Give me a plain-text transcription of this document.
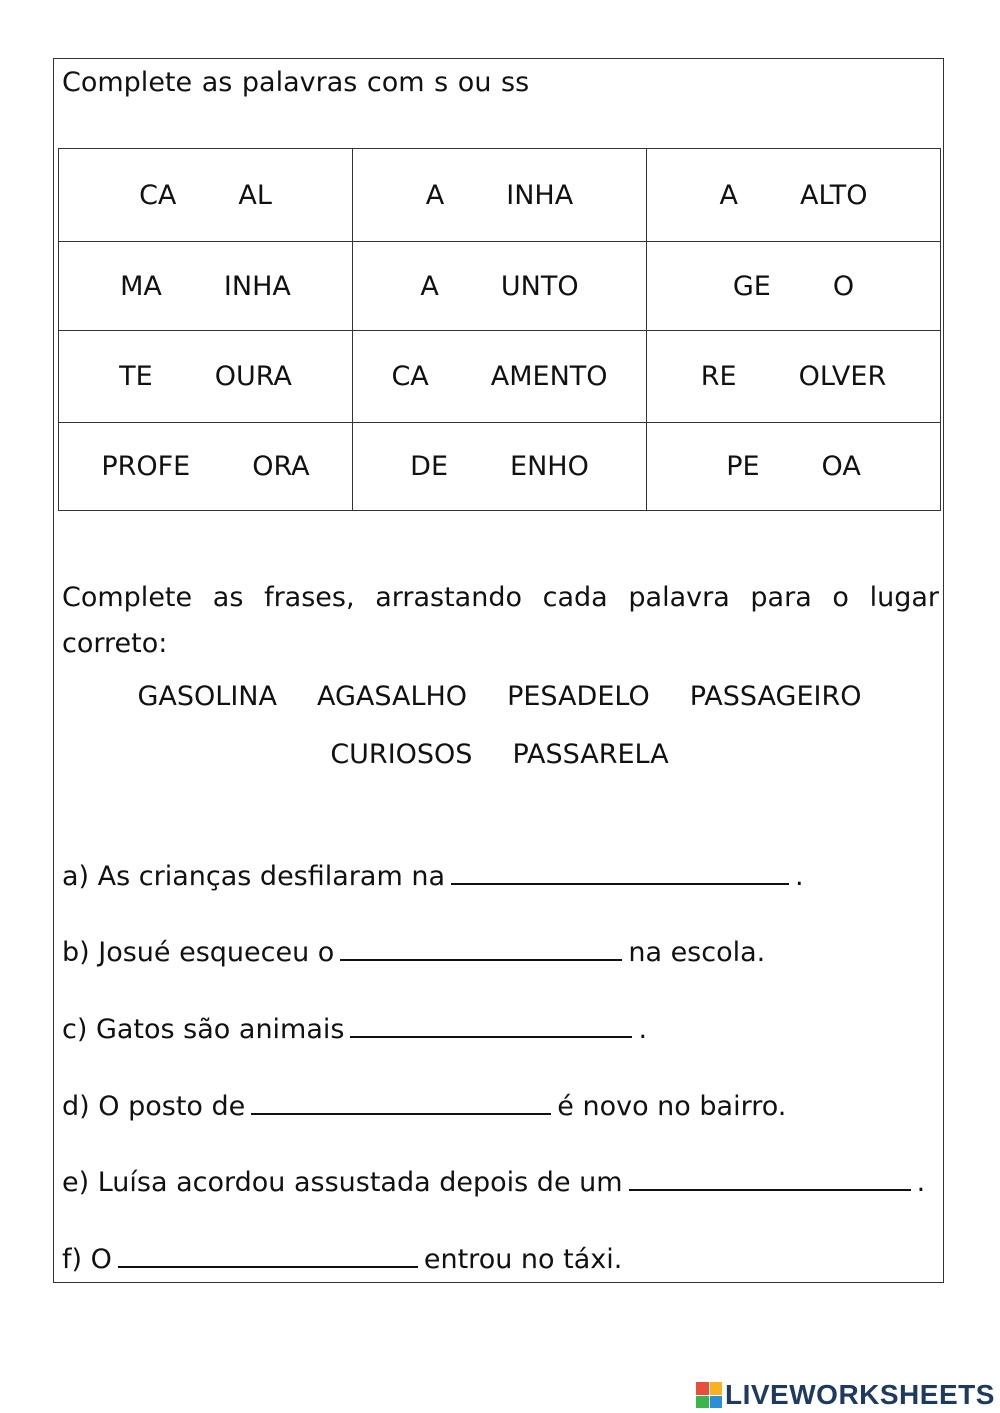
Complete as palavras com s ou ss
CA AL	A INHA	A ALTO
MA INHA	A UNTO	GE O
TE OURA	CA AMENTO	RE OLVER
PROFE ORA	DE ENHO	PE OA
Complete as frases, arrastando cada palavra para o lugar correto:
GASOLINA AGASALHO PESADELO PASSAGEIRO
CURIOSOS PASSARELA
a) As crianças desfilaram na	.
b) Josué esqueceu o	na escola.
c) Gatos são animais	.
d) O posto de	é novo no bairro.
e) Luísa acordou assustada depois de um	.
f) O	entrou no táxi.
LIVEWORKSHEETS
